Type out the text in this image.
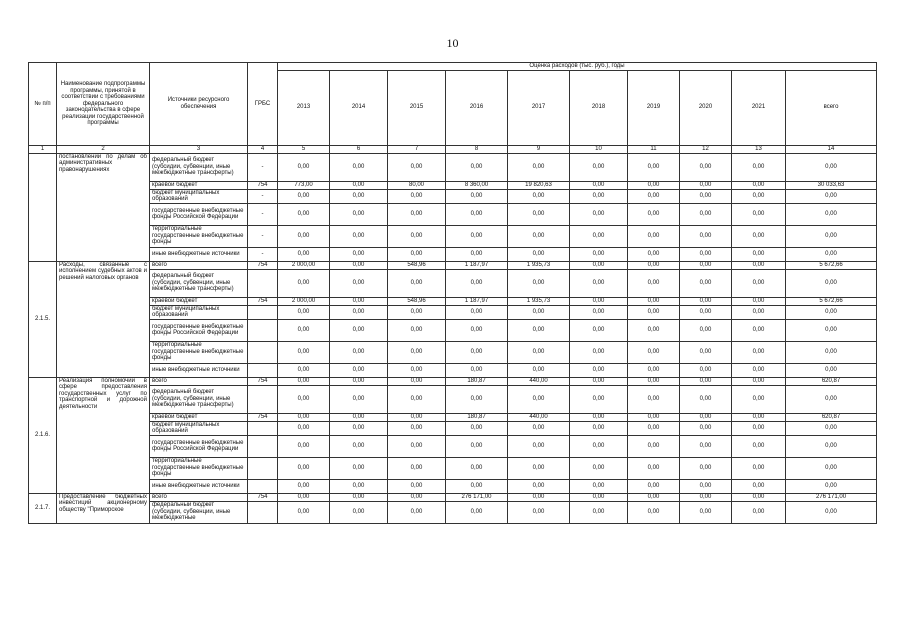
10
№ п/п	Наименование подпрограммы программы, принятой в соответствии с требованиями федерального законодательства в сфере реализации государственной программы	Источники ресурсного обеспечения	ГРБС	Оценка расходов (тыс. руб.), годы									
				2013	2014	2015	2016	2017	2018	2019	2020	2021	всего
1	2	3	4	5	6	7	8	9	10	11	12	13	14
	постановлений по делам об административных правонарушениях	федеральный бюджет (субсидии, субвенции, иные межбюджетные трансферты)	-	0,00	0,00	0,00	0,00	0,00	0,00	0,00	0,00	0,00	0,00
		краевой бюджет	754	773,00	0,00	80,00	8 360,00	19 820,63	0,00	0,00	0,00	0,00	30 033,63
		бюджет муниципальных образований	-	0,00	0,00	0,00	0,00	0,00	0,00	0,00	0,00	0,00	0,00
		государственные внебюджетные фонды Российской Федерации	-	0,00	0,00	0,00	0,00	0,00	0,00	0,00	0,00	0,00	0,00
		территориальные государственные внебюджетные фонды	-	0,00	0,00	0,00	0,00	0,00	0,00	0,00	0,00	0,00	0,00
		иные внебюджетные источники	-	0,00	0,00	0,00	0,00	0,00	0,00	0,00	0,00	0,00	0,00
2.1.5.	Расходы, связанные с исполнением судебных актов и решений налоговых органов	всего	754	2 000,00	0,00	548,96	1 187,97	1 935,73	0,00	0,00	0,00	0,00	5 672,66
		федеральный бюджет (субсидии, субвенции, иные межбюджетные трансферты)		0,00	0,00	0,00	0,00	0,00	0,00	0,00	0,00	0,00	0,00
		краевой бюджет	754	2 000,00	0,00	548,96	1 187,97	1 935,73	0,00	0,00	0,00	0,00	5 672,66
		бюджет муниципальных образований		0,00	0,00	0,00	0,00	0,00	0,00	0,00	0,00	0,00	0,00
		государственные внебюджетные фонды Российской Федерации		0,00	0,00	0,00	0,00	0,00	0,00	0,00	0,00	0,00	0,00
		территориальные государственные внебюджетные фонды		0,00	0,00	0,00	0,00	0,00	0,00	0,00	0,00	0,00	0,00
		иные внебюджетные источники		0,00	0,00	0,00	0,00	0,00	0,00	0,00	0,00	0,00	0,00
2.1.6.	Реализация полномочий в сфере предоставления государственных услуг по транспортной и дорожной деятельности	всего	754	0,00	0,00	0,00	180,87	440,00	0,00	0,00	0,00	0,00	620,87
		федеральный бюджет (субсидии, субвенции, иные межбюджетные трансферты)		0,00	0,00	0,00	0,00	0,00	0,00	0,00	0,00	0,00	0,00
		краевой бюджет	754	0,00	0,00	0,00	180,87	440,00	0,00	0,00	0,00	0,00	620,87
		бюджет муниципальных образований		0,00	0,00	0,00	0,00	0,00	0,00	0,00	0,00	0,00	0,00
		государственные внебюджетные фонды Российской Федерации		0,00	0,00	0,00	0,00	0,00	0,00	0,00	0,00	0,00	0,00
		территориальные государственные внебюджетные фонды		0,00	0,00	0,00	0,00	0,00	0,00	0,00	0,00	0,00	0,00
		иные внебюджетные источники		0,00	0,00	0,00	0,00	0,00	0,00	0,00	0,00	0,00	0,00
2.1.7.	Предоставление бюджетных инвестиций акционерному обществу "Приморское	всего	754	0,00	0,00	0,00	276 171,00	0,00	0,00	0,00	0,00	0,00	276 171,00
		федеральный бюджет (субсидии, субвенции, иные межбюджетные		0,00	0,00	0,00	0,00	0,00	0,00	0,00	0,00	0,00	0,00
